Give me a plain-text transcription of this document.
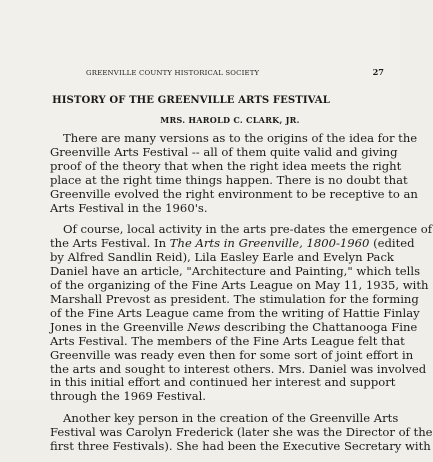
GREENVILLE COUNTY HISTORICAL SOCIETY	27
HISTORY OF THE GREENVILLE ARTS FESTIVAL
MRS. HAROLD C. CLARK, JR.

There are many versions as to the origins of the idea for the
Greenville Arts Festival -- all of them quite valid and giving
proof of the theory that when the right idea meets the right
place at the right time things happen. There is no doubt that
Greenville evolved the right environment to be receptive to an
Arts Festival in the 1960's.

Of course, local activity in the arts pre-dates the emergence of
the Arts Festival. In The Arts in Greenville, 1800-1960 (edited
by Alfred Sandlin Reid), Lila Easley Earle and Evelyn Pack
Daniel have an article, "Architecture and Painting," which tells
of the organizing of the Fine Arts League on May 11, 1935, with
Marshall Prevost as president. The stimulation for the forming
of the Fine Arts League came from the writing of Hattie Finlay
Jones in the Greenville News describing the Chattanooga Fine
Arts Festival. The members of the Fine Arts League felt that
Greenville was ready even then for some sort of joint effort in
the arts and sought to interest others. Mrs. Daniel was involved
in this initial effort and continued her interest and support
through the 1969 Festival.

Another key person in the creation of the Greenville Arts
Festival was Carolyn Frederick (later she was the Director of the
first three Festivals). She had been the Executive Secretary with
